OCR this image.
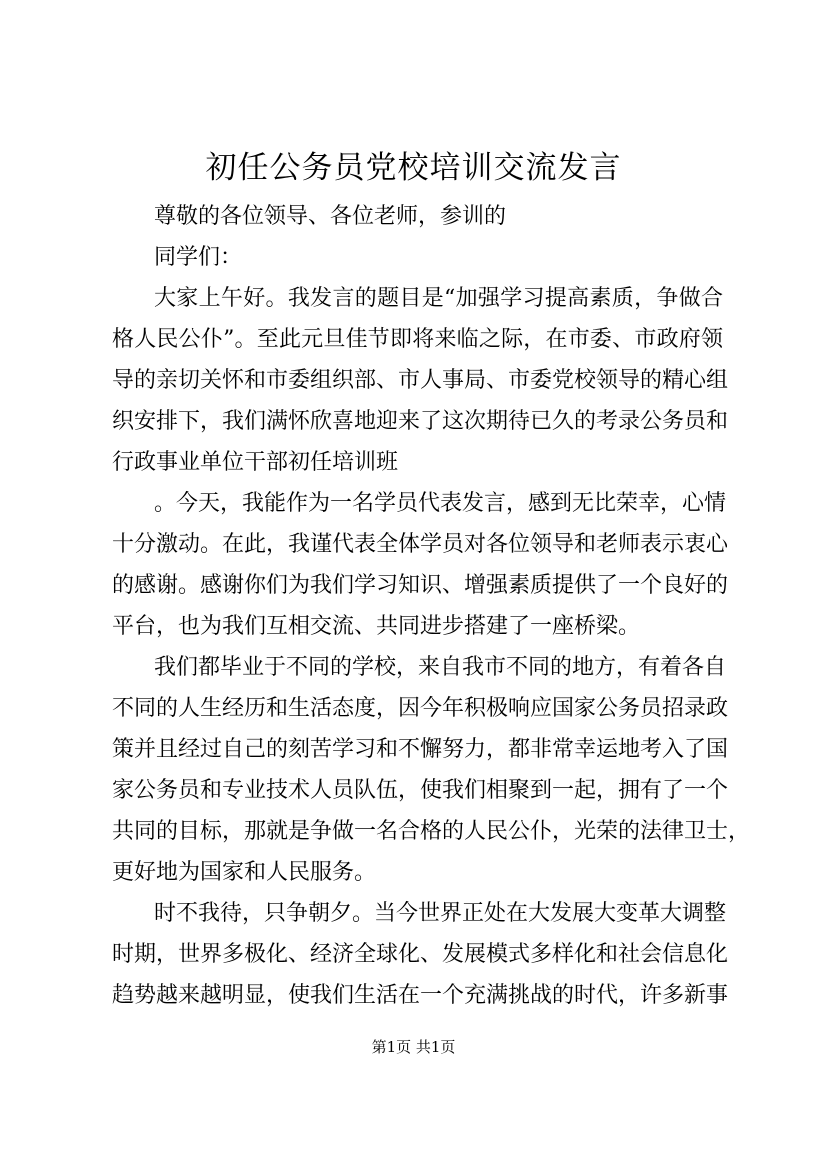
初任公务员党校培训交流发言

尊敬的各位领导、各位老师，参训的

同学们：

大家上午好。我发言的题目是“加强学习提高素质，争做合

格人民公仆”。至此元旦佳节即将来临之际，在市委、市政府领

导的亲切关怀和市委组织部、市人事局、市委党校领导的精心组

织安排下，我们满怀欣喜地迎来了这次期待已久的考录公务员和

行政事业单位干部初任培训班

。今天，我能作为一名学员代表发言，感到无比荣幸，心情

十分激动。在此，我谨代表全体学员对各位领导和老师表示衷心

的感谢。感谢你们为我们学习知识、增强素质提供了一个良好的

平台，也为我们互相交流、共同进步搭建了一座桥梁。

我们都毕业于不同的学校，来自我市不同的地方，有着各自

不同的人生经历和生活态度，因今年积极响应国家公务员招录政

策并且经过自己的刻苦学习和不懈努力，都非常幸运地考入了国

家公务员和专业技术人员队伍，使我们相聚到一起，拥有了一个

共同的目标，那就是争做一名合格的人民公仆，光荣的法律卫士，

更好地为国家和人民服务。

时不我待，只争朝夕。当今世界正处在大发展大变革大调整

时期，世界多极化、经济全球化、发展模式多样化和社会信息化

趋势越来越明显，使我们生活在一个充满挑战的时代，许多新事

第1页 共1页
